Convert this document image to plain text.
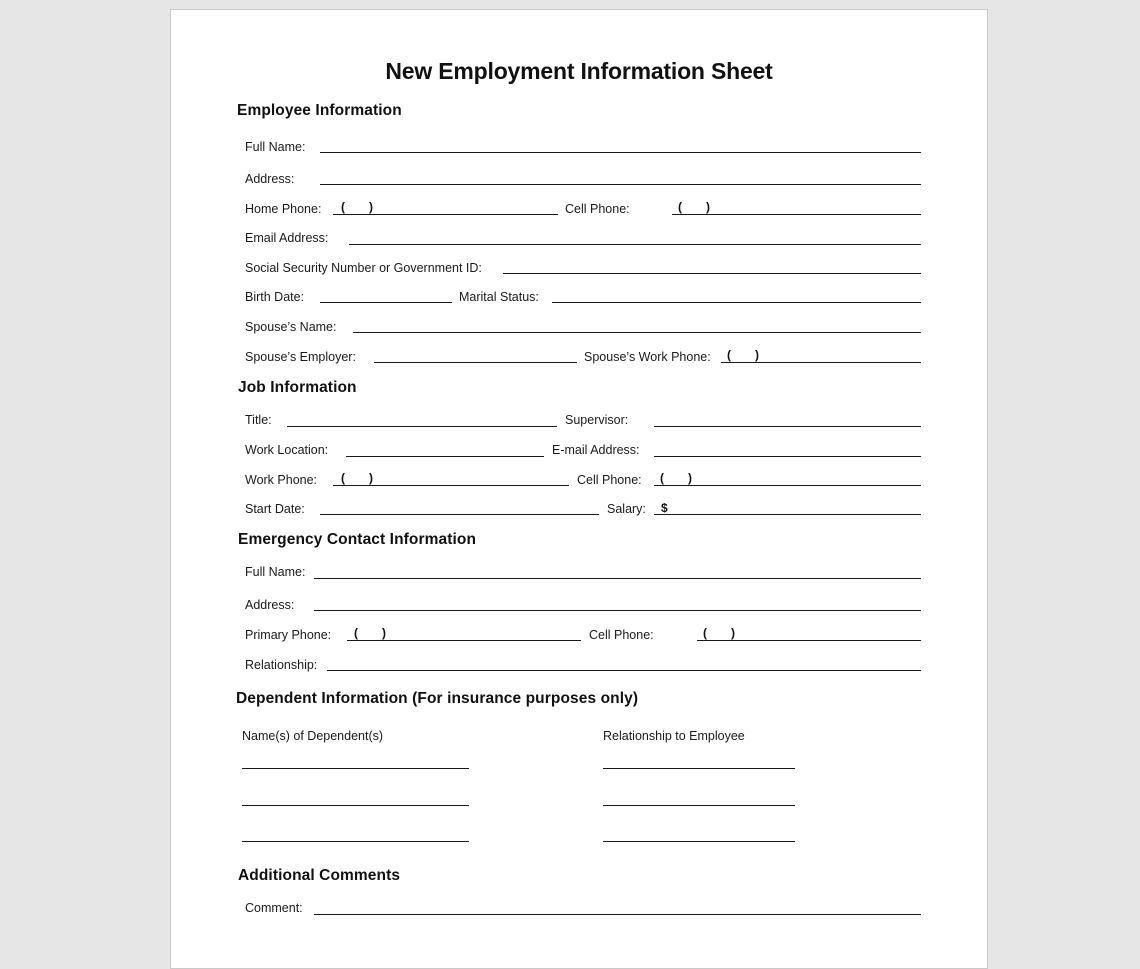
New Employment Information Sheet
Employee Information
Full Name:
Address:
Home Phone: ( )	Cell Phone:	( )
Email Address:
Social Security Number or Government ID:
Birth Date:	Marital Status:
Spouse’s Name:
Spouse’s Employer:	Spouse’s Work Phone: ( )
Job Information
Title:	Supervisor:
Work Location:	E-mail Address:
Work Phone: ( )	Cell Phone: ( )
Start Date:	Salary: $
Emergency Contact Information
Full Name:
Address:
Primary Phone: ( )	Cell Phone:	( )
Relationship:
Dependent Information (For insurance purposes only)
Name(s) of Dependent(s)	Relationship to Employee
Additional Comments
Comment:
